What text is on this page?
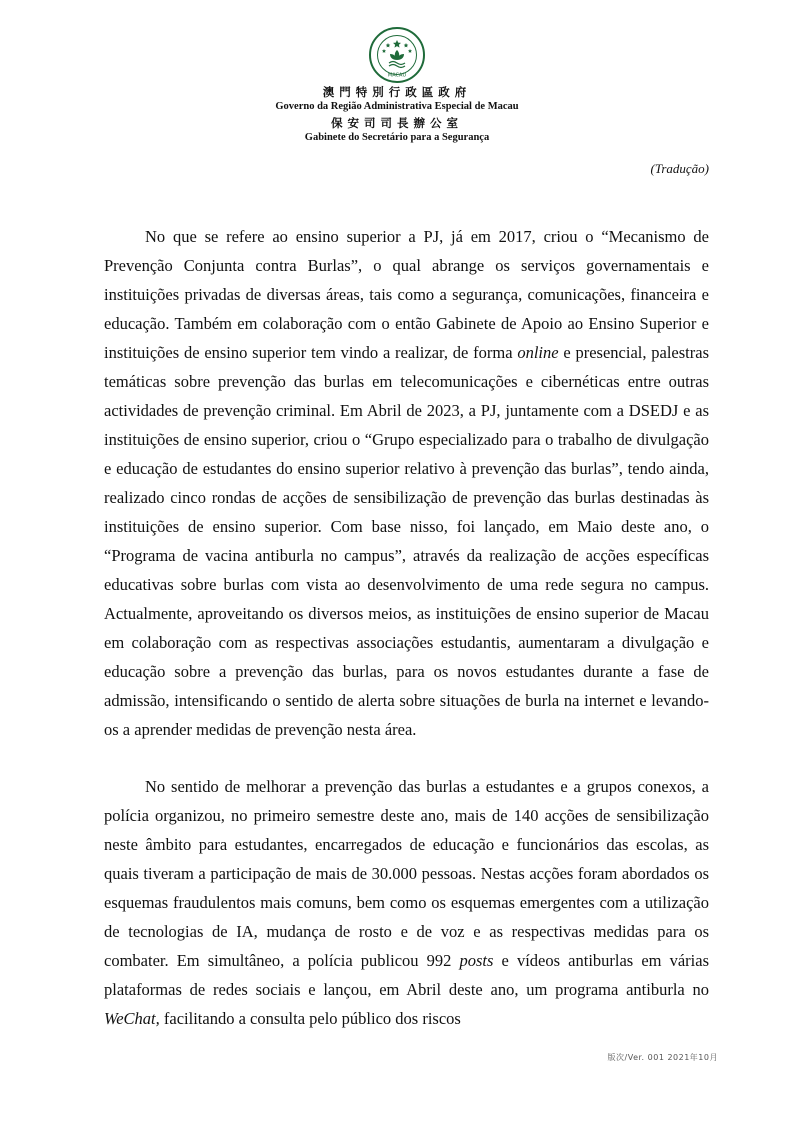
MACAU
澳門特別行政區政府
Governo da Região Administrativa Especial de Macau
保安司司長辦公室
Gabinete do Secretário para a Segurança
(Tradução)

No que se refere ao ensino superior a PJ, já em 2017, criou o “Mecanismo de Prevenção Conjunta contra Burlas”, o qual abrange os serviços governamentais e instituições privadas de diversas áreas, tais como a segurança, comunicações, financeira e educação. Também em colaboração com o então Gabinete de Apoio ao Ensino Superior e instituições de ensino superior tem vindo a realizar, de forma online e presencial, palestras temáticas sobre prevenção das burlas em telecomunicações e cibernéticas entre outras actividades de prevenção criminal. Em Abril de 2023, a PJ, juntamente com a DSEDJ e as instituições de ensino superior, criou o “Grupo especializado para o trabalho de divulgação e educação de estudantes do ensino superior relativo à prevenção das burlas”, tendo ainda, realizado cinco rondas de acções de sensibilização de prevenção das burlas destinadas às instituições de ensino superior. Com base nisso, foi lançado, em Maio deste ano, o “Programa de vacina antiburla no campus”, através da realização de acções específicas educativas sobre burlas com vista ao desenvolvimento de uma rede segura no campus. Actualmente, aproveitando os diversos meios, as instituições de ensino superior de Macau em colaboração com as respectivas associações estudantis, aumentaram a divulgação e educação sobre a prevenção das burlas, para os novos estudantes durante a fase de admissão, intensificando o sentido de alerta sobre situações de burla na internet e levando-os a aprender medidas de prevenção nesta área.

No sentido de melhorar a prevenção das burlas a estudantes e a grupos conexos, a polícia organizou, no primeiro semestre deste ano, mais de 140 acções de sensibilização neste âmbito para estudantes, encarregados de educação e funcionários das escolas, as quais tiveram a participação de mais de 30.000 pessoas. Nestas acções foram abordados os esquemas fraudulentos mais comuns, bem como os esquemas emergentes com a utilização de tecnologias de IA, mudança de rosto e de voz e as respectivas medidas para os combater. Em simultâneo, a polícia publicou 992 posts e vídeos antiburlas em várias plataformas de redes sociais e lançou, em Abril deste ano, um programa antiburla no WeChat, facilitando a consulta pelo público dos riscos

版次/Ver. 001 2021年10月
